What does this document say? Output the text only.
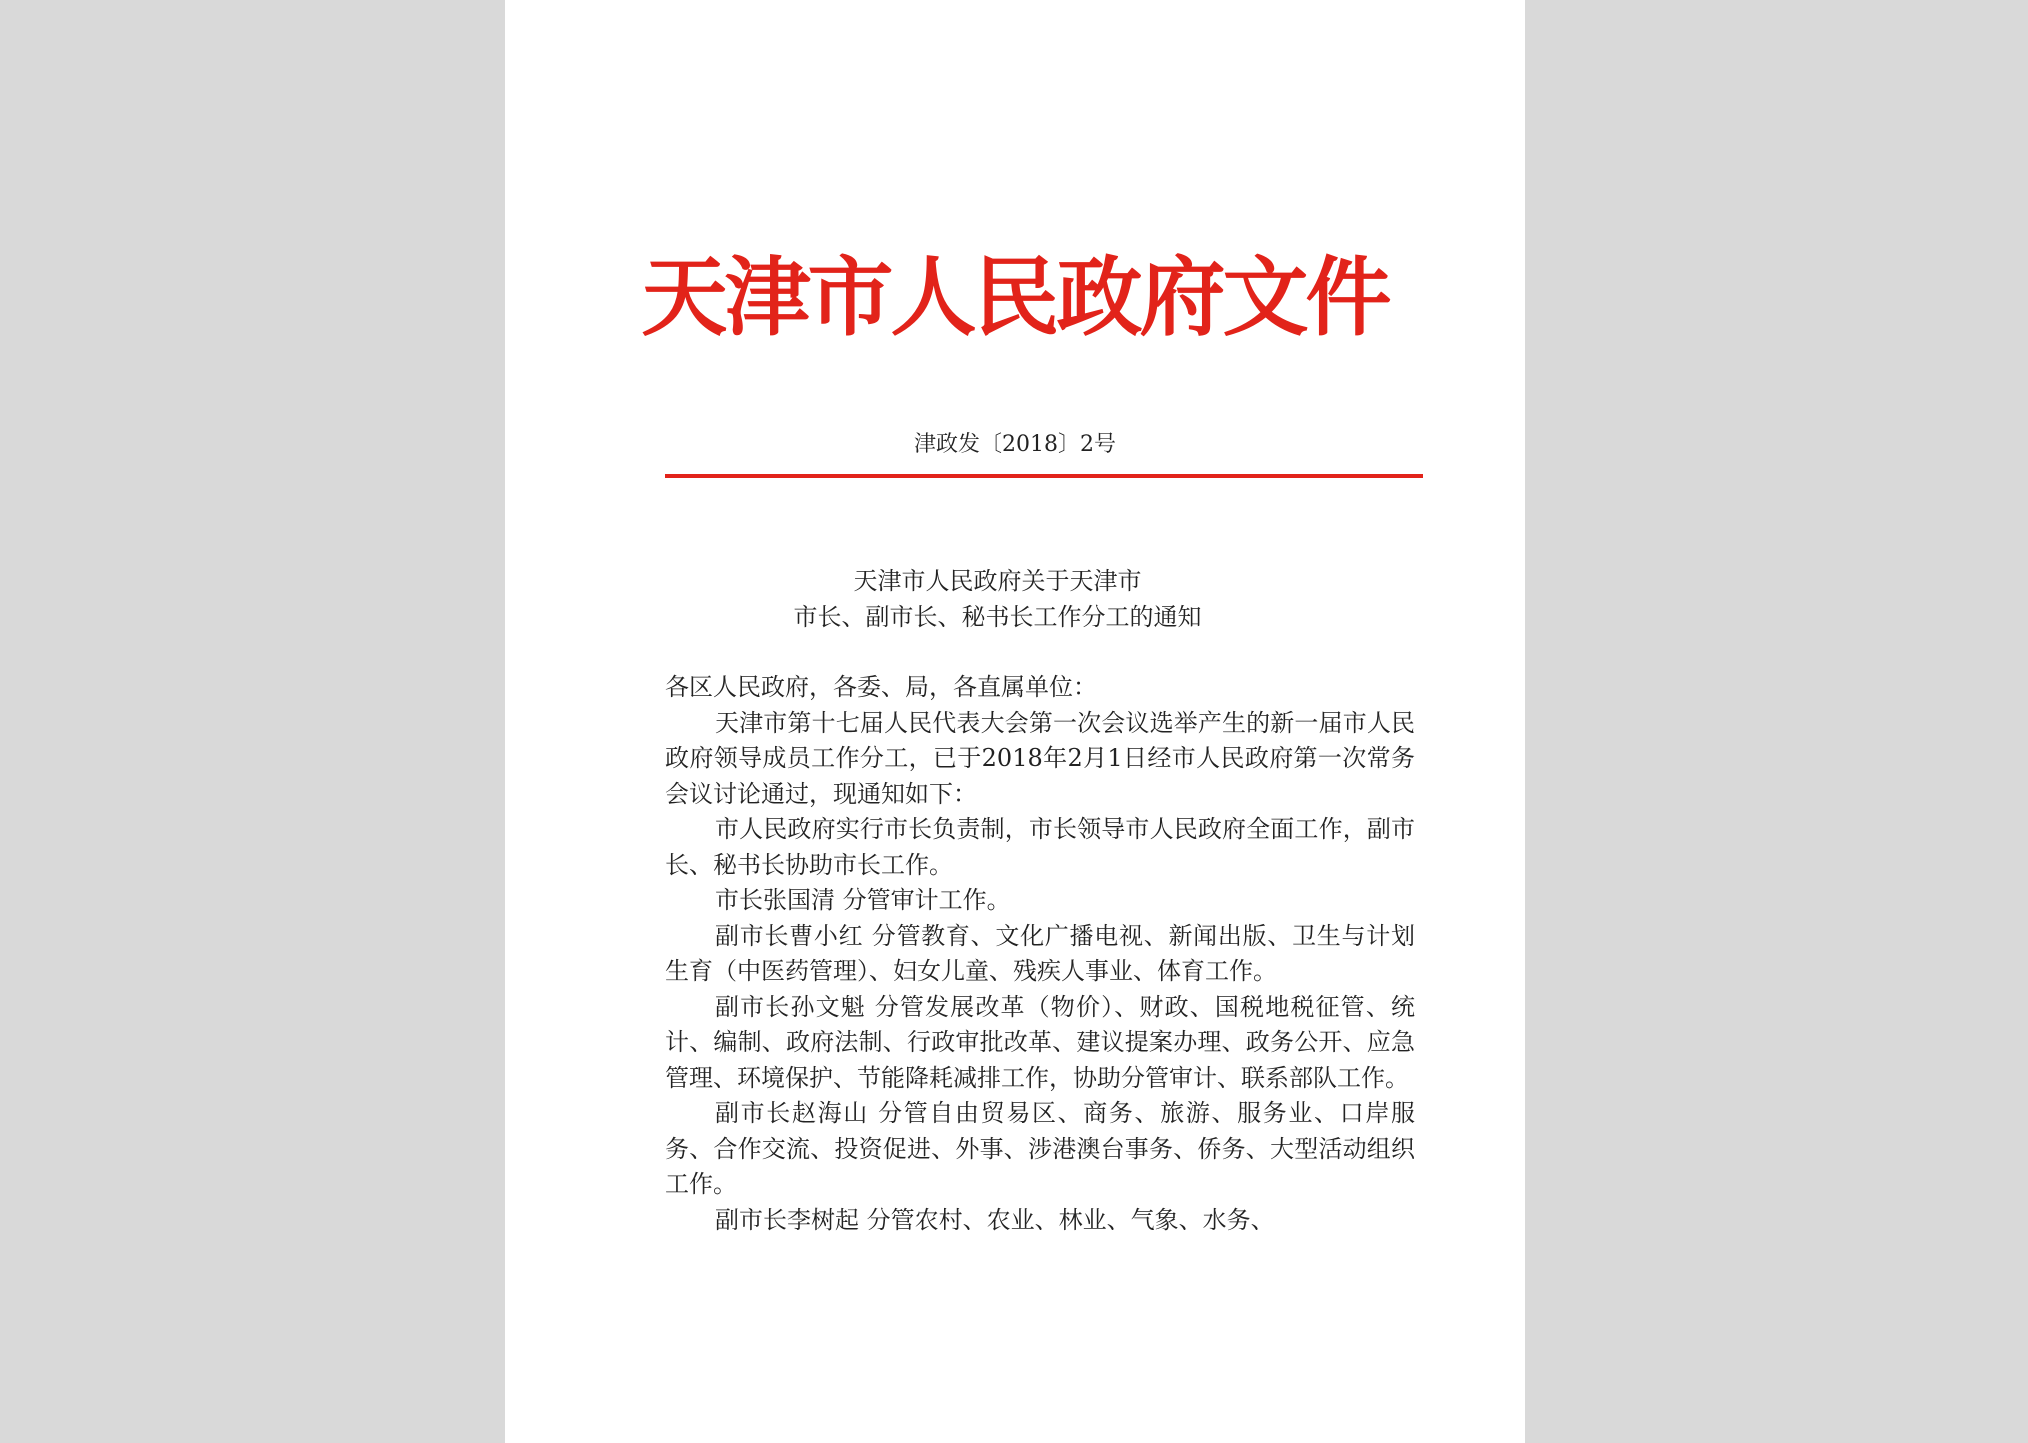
天津市人民政府文件
津政发〔2018〕2号
天津市人民政府关于天津市
市长、副市长、秘书长工作分工的通知

各区人民政府，各委、局，各直属单位：

天津市第十七届人民代表大会第一次会议选举产生的新一届市人民政府领导成员工作分工，已于2018年2月1日经市人民政府第一次常务会议讨论通过，现通知如下：

市人民政府实行市长负责制，市长领导市人民政府全面工作，副市长、秘书长协助市长工作。

市长张国清 分管审计工作。

副市长曹小红 分管教育、文化广播电视、新闻出版、卫生与计划生育（中医药管理）、妇女儿童、残疾人事业、体育工作。

副市长孙文魁 分管发展改革（物价）、财政、国税地税征管、统计、编制、政府法制、行政审批改革、建议提案办理、政务公开、应急管理、环境保护、节能降耗减排工作，协助分管审计、联系部队工作。

副市长赵海山 分管自由贸易区、商务、旅游、服务业、口岸服务、合作交流、投资促进、外事、涉港澳台事务、侨务、大型活动组织工作。

副市长李树起 分管农村、农业、林业、气象、水务、
